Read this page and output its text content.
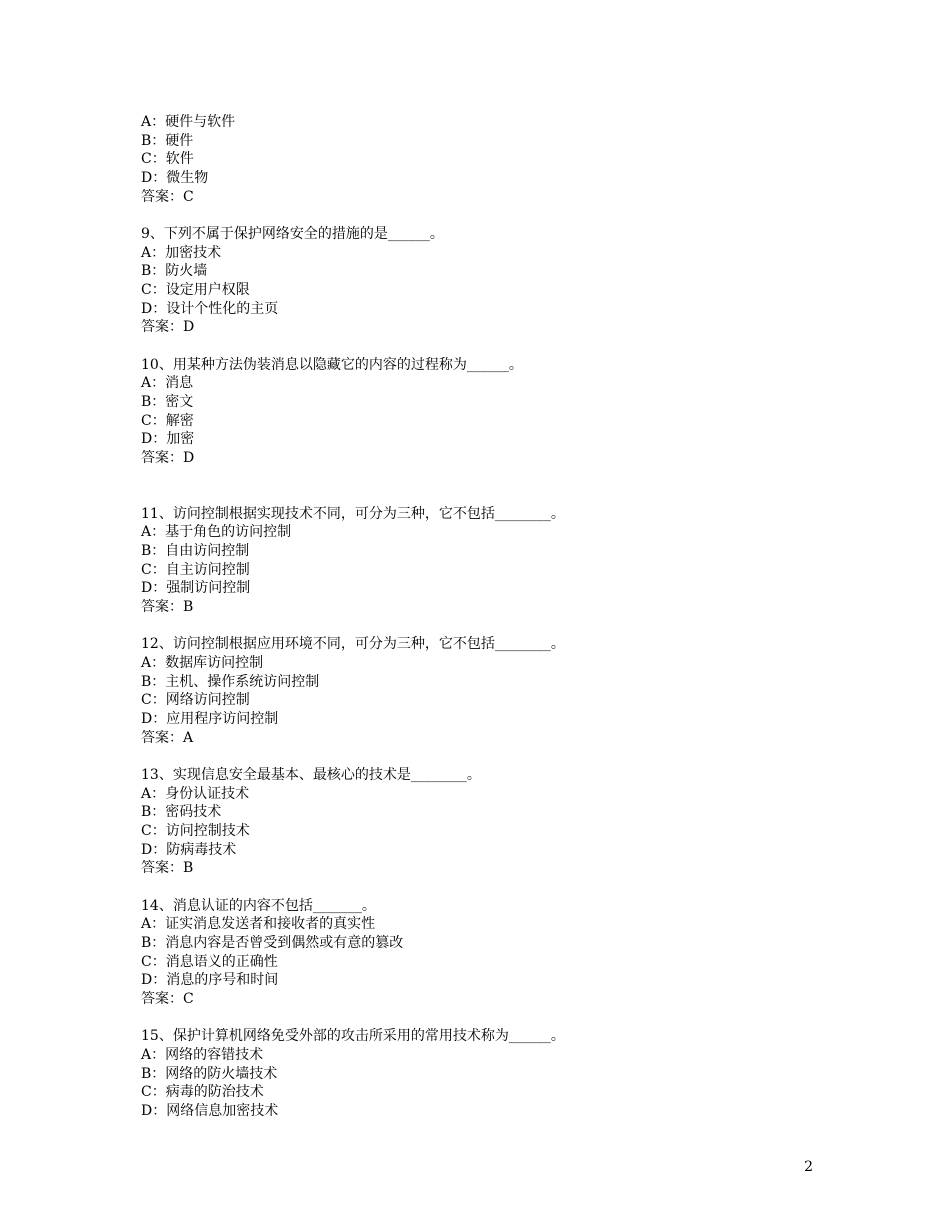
A：硬件与软件
B：硬件
C：软件
D：微生物
答案：C
9、下列不属于保护网络安全的措施的是______。
A：加密技术
B：防火墙
C：设定用户权限
D：设计个性化的主页
答案：D
10、用某种方法伪装消息以隐藏它的内容的过程称为______。
A：消息
B：密文
C：解密
D：加密
答案：D
11、访问控制根据实现技术不同，可分为三种，它不包括________。
A：基于角色的访问控制
B：自由访问控制
C：自主访问控制
D：强制访问控制
答案：B
12、访问控制根据应用环境不同，可分为三种，它不包括________。
A：数据库访问控制
B：主机、操作系统访问控制
C：网络访问控制
D：应用程序访问控制
答案：A
13、实现信息安全最基本、最核心的技术是________。
A：身份认证技术
B：密码技术
C：访问控制技术
D：防病毒技术
答案：B
14、消息认证的内容不包括_______。
A：证实消息发送者和接收者的真实性
B：消息内容是否曾受到偶然或有意的篡改
C：消息语义的正确性
D：消息的序号和时间
答案：C
15、保护计算机网络免受外部的攻击所采用的常用技术称为______。
A：网络的容错技术
B：网络的防火墙技术
C：病毒的防治技术
D：网络信息加密技术
2
